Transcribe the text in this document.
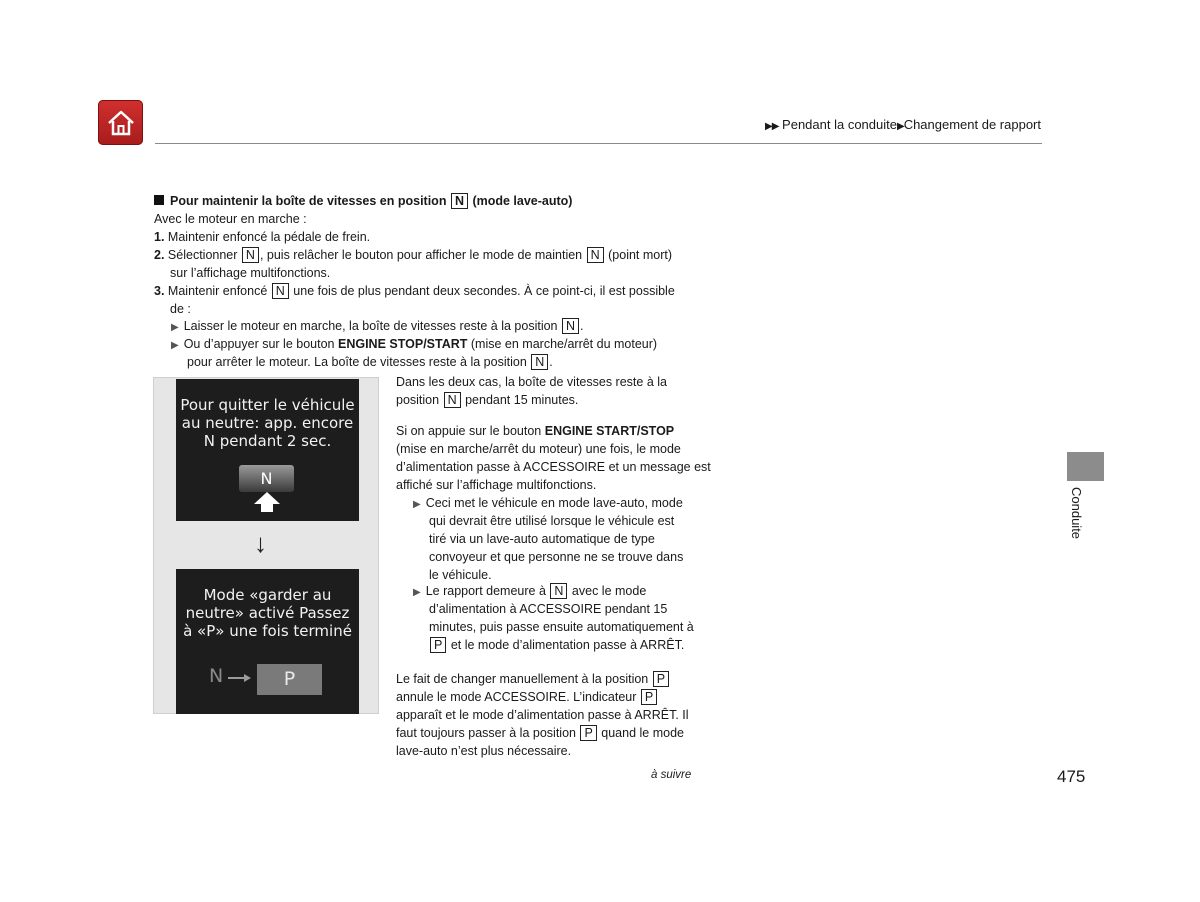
▶▶ Pendant la conduite▶Changement de rapport
Pour maintenir la boîte de vitesses en position N (mode lave-auto)
Avec le moteur en marche :
1. Maintenir enfoncé la pédale de frein.
2. Sélectionner N , puis relâcher le bouton pour afficher le mode de maintien N (point mort)
sur l’affichage multifonctions.
3. Maintenir enfoncé N une fois de plus pendant deux secondes. À ce point-ci, il est possible
de :
▶ Laisser le moteur en marche, la boîte de vitesses reste à la position N .
▶ Ou d’appuyer sur le bouton ENGINE STOP/START (mise en marche/arrêt du moteur)
pour arrêter le moteur. La boîte de vitesses reste à la position N .
Pour quitter le véhicule
au neutre: app. encore
N pendant 2 sec.
N
↓
Mode «garder au
neutre» activé Passez
à «P» une fois terminé
N	P
Dans les deux cas, la boîte de vitesses reste à la
position N pendant 15 minutes.
Si on appuie sur le bouton ENGINE START/STOP
(mise en marche/arrêt du moteur) une fois, le mode
d’alimentation passe à ACCESSOIRE et un message est
affiché sur l’affichage multifonctions.
▶ Ceci met le véhicule en mode lave-auto, mode
qui devrait être utilisé lorsque le véhicule est
tiré via un lave-auto automatique de type
convoyeur et que personne ne se trouve dans
le véhicule.
▶ Le rapport demeure à N avec le mode
d’alimentation à ACCESSOIRE pendant 15
minutes, puis passe ensuite automatiquement à
P et le mode d’alimentation passe à ARRÊT.
Le fait de changer manuellement à la position P
annule le mode ACCESSOIRE. L’indicateur P
apparaît et le mode d’alimentation passe à ARRÊT. Il
faut toujours passer à la position P quand le mode
lave-auto n’est plus nécessaire.
Conduite
à suivre	475
